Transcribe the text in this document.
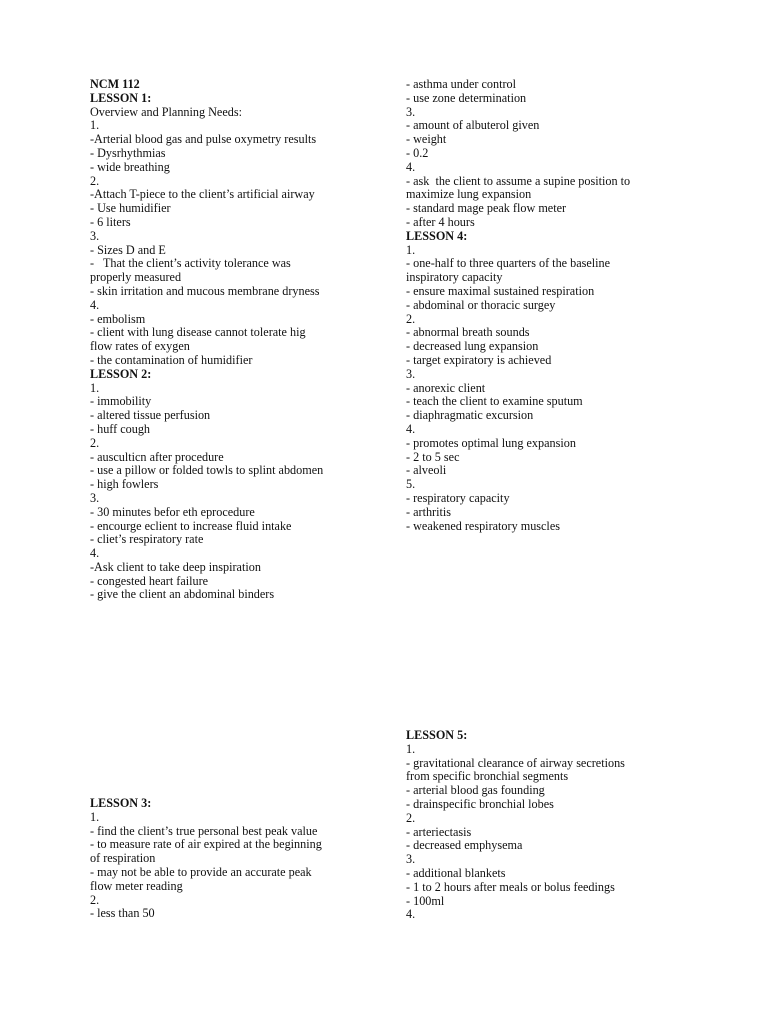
NCM 112
LESSON 1:
Overview and Planning Needs:
1.
-Arterial blood gas and pulse oxymetry results
- Dysrhythmias
- wide breathing
2.
-Attach T-piece to the client’s artificial airway
- Use humidifier
- 6 liters
3.
- Sizes D and E
-   That the client’s activity tolerance was
properly measured
- skin irritation and mucous membrane dryness
4.
- embolism
- client with lung disease cannot tolerate hig
flow rates of exygen
- the contamination of humidifier
LESSON 2:
1.
- immobility
- altered tissue perfusion
- huff cough
2.
- ausculticn after procedure
- use a pillow or folded towls to splint abdomen
- high fowlers
3.
- 30 minutes befor eth eprocedure
- encourge eclient to increase fluid intake
- cliet’s respiratory rate
4.
-Ask client to take deep inspiration
- congested heart failure
- give the client an abdominal binders
- asthma under control
- use zone determination
3.
- amount of albuterol given
- weight
- 0.2
4.
- ask  the client to assume a supine position to
maximize lung expansion
- standard mage peak flow meter
- after 4 hours
LESSON 4:
1.
- one-half to three quarters of the baseline
inspiratory capacity
- ensure maximal sustained respiration
- abdominal or thoracic surgey
2.
- abnormal breath sounds
- decreased lung expansion
- target expiratory is achieved
3.
- anorexic client
- teach the client to examine sputum
- diaphragmatic excursion
4.
- promotes optimal lung expansion
- 2 to 5 sec
- alveoli
5.
- respiratory capacity
- arthritis
- weakened respiratory muscles
LESSON 3:
1.
- find the client’s true personal best peak value
- to measure rate of air expired at the beginning
of respiration
- may not be able to provide an accurate peak
flow meter reading
2.
- less than 50
LESSON 5:
1.
- gravitational clearance of airway secretions
from specific bronchial segments
- arterial blood gas founding
- drainspecific bronchial lobes
2.
- arteriectasis
- decreased emphysema
3.
- additional blankets
- 1 to 2 hours after meals or bolus feedings
- 100ml
4.
